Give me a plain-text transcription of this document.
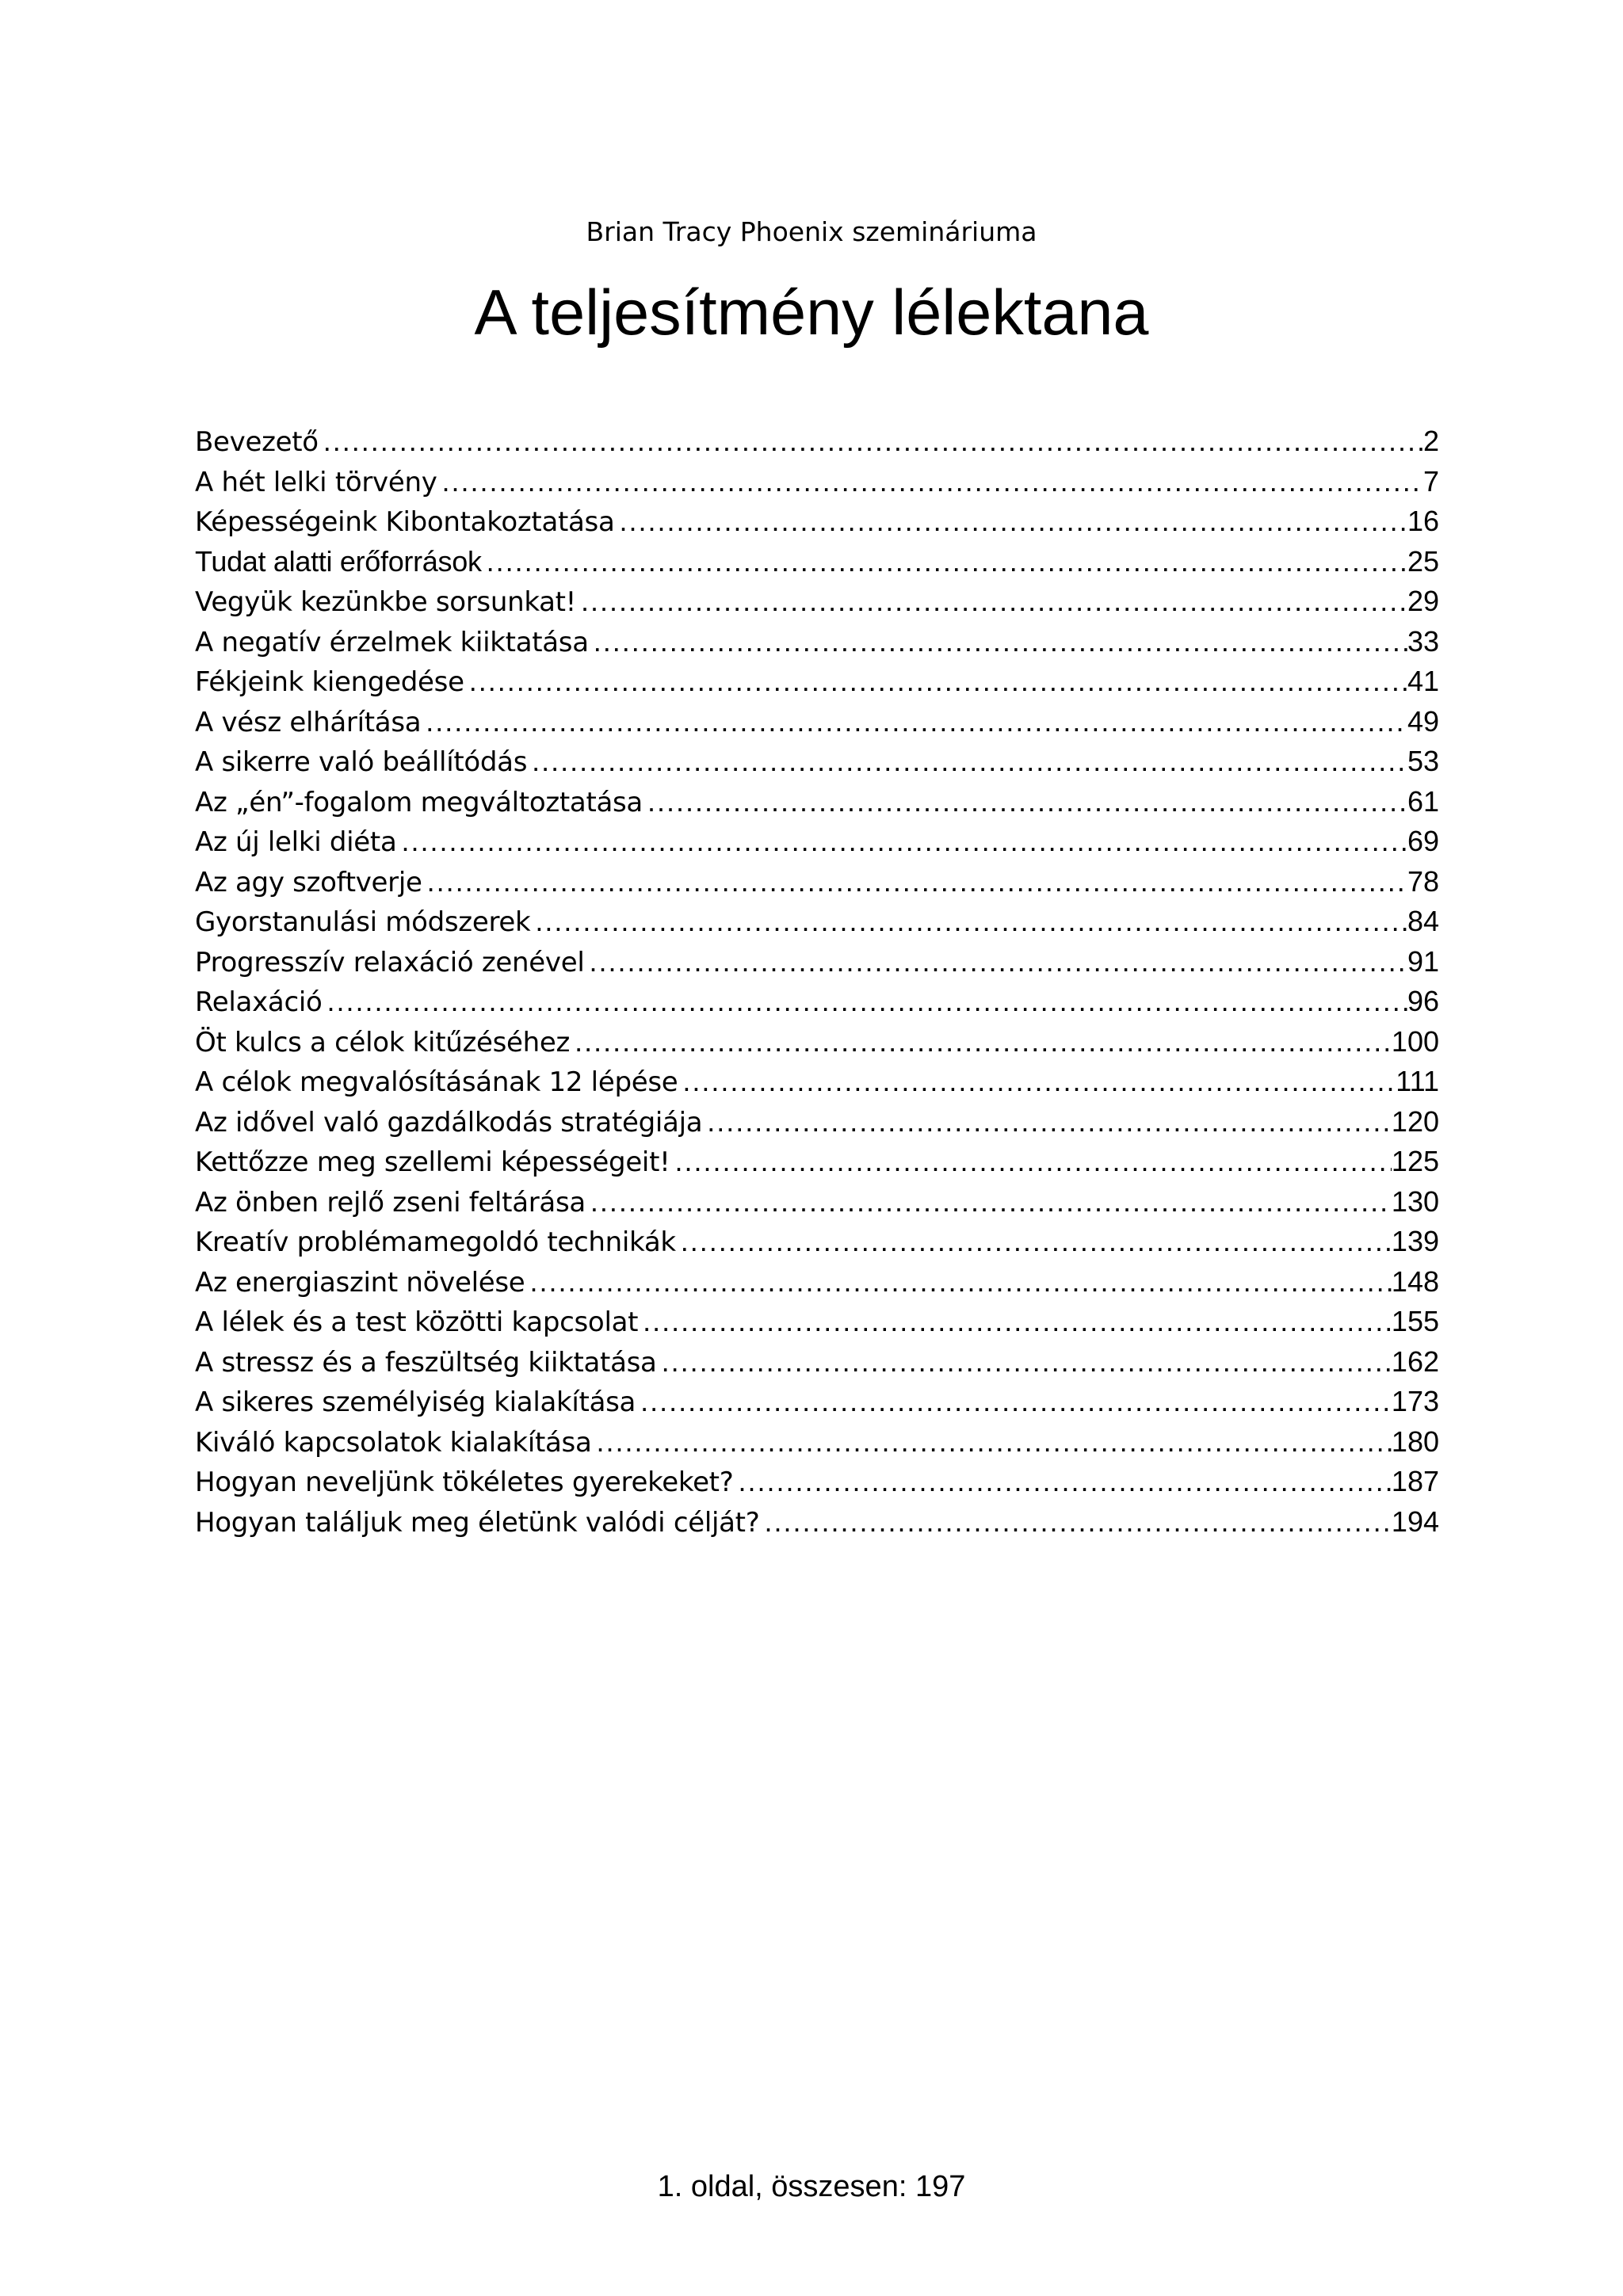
Brian Tracy Phoenix szemináriuma
A teljesítmény lélektana
Bevezető .....	2
A hét lelki törvény .....	7
Képességeink Kibontakoztatása .....	16
Tudat alatti erőforrások .....	25
Vegyük kezünkbe sorsunkat! .....	29
A negatív érzelmek kiiktatása .....	33
Fékjeink kiengedése .....	41
A vész elhárítása .....	49
A sikerre való beállítódás .....	53
Az „én”-fogalom megváltoztatása .....	61
Az új lelki diéta .....	69
Az agy szoftverje .....	78
Gyorstanulási módszerek .....	84
Progresszív relaxáció zenével .....	91
Relaxáció .....	96
Öt kulcs a célok kitűzéséhez .....	100
A célok megvalósításának 12 lépése .....	111
Az idővel való gazdálkodás stratégiája .....	120
Kettőzze meg szellemi képességeit! .....	125
Az önben rejlő zseni feltárása .....	130
Kreatív problémamegoldó technikák .....	139
Az energiaszint növelése .....	148
A lélek és a test közötti kapcsolat .....	155
A stressz és a feszültség kiiktatása .....	162
A sikeres személyiség kialakítása .....	173
Kiváló kapcsolatok kialakítása .....	180
Hogyan neveljünk tökéletes gyerekeket? .....	187
Hogyan találjuk meg életünk valódi célját? .....	194
1. oldal, összesen: 197
